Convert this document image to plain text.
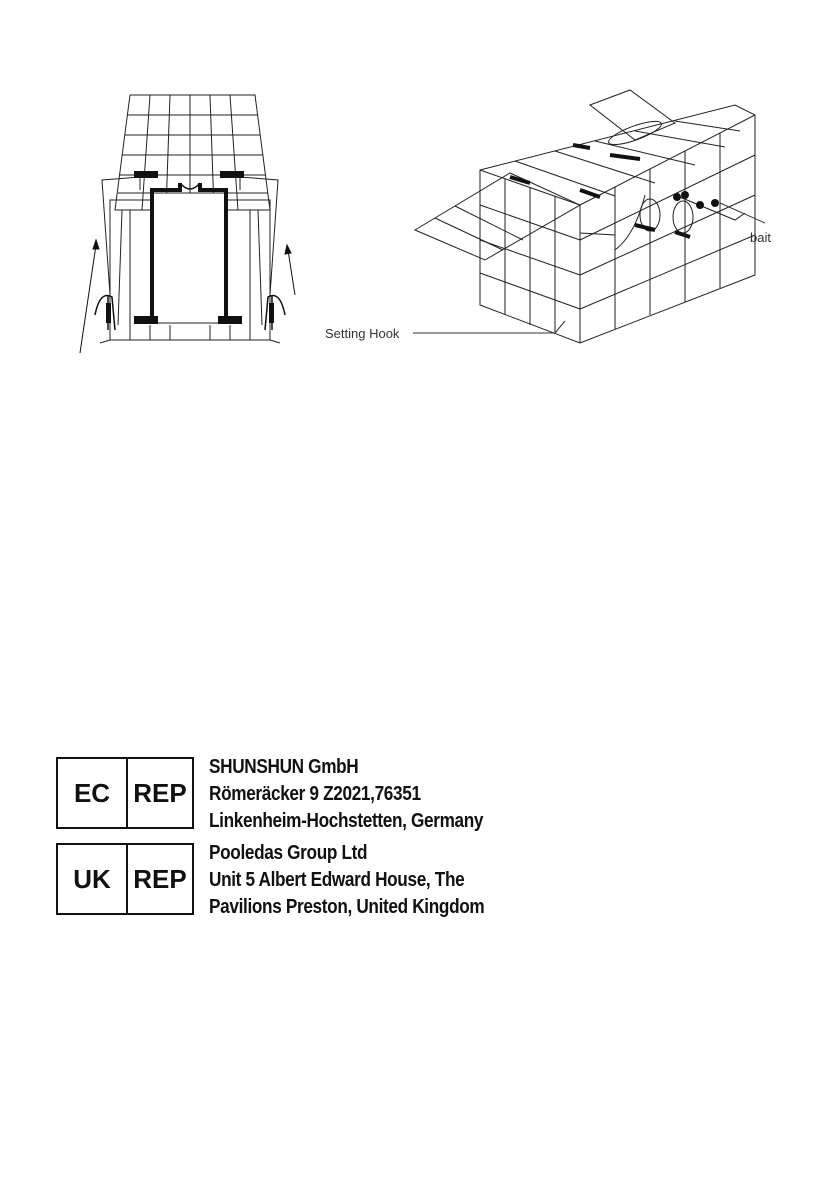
bait
Setting Hook
EC REP
SHUNSHUN GmbH
Römeräcker 9 Z2021,76351
Linkenheim-Hochstetten, Germany
UK REP
Pooledas Group Ltd
Unit 5 Albert Edward House, The
Pavilions Preston, United Kingdom
